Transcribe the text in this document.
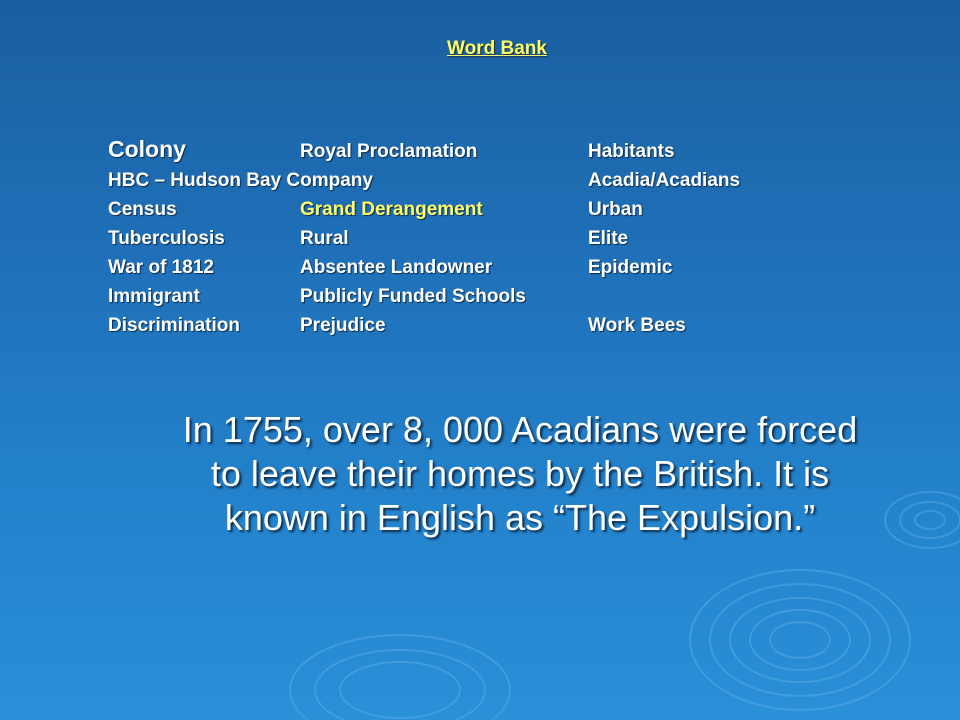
Word Bank
Colony
HBC – Hudson Bay Company
Census
Tuberculosis
War of 1812
Immigrant
Discrimination
Royal Proclamation
Grand Derangement
Rural
Absentee Landowner
Publicly Funded Schools
Prejudice
Habitants
Acadia/Acadians
Urban
Elite
Epidemic
Work Bees
In 1755, over 8, 000 Acadians were forced
to leave their homes by the British. It is
known in English as “The Expulsion.”
